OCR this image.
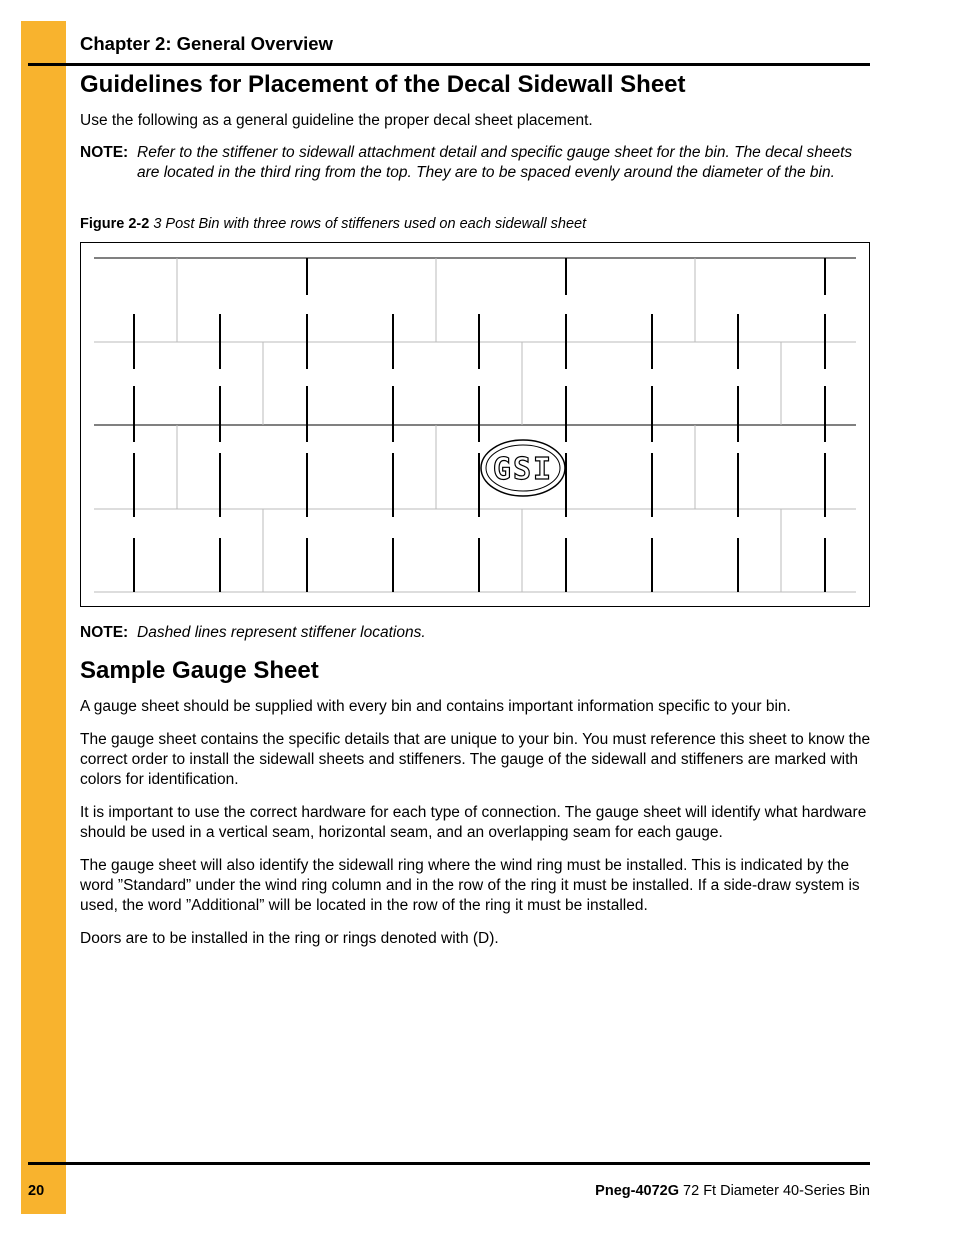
Chapter 2: General Overview
Guidelines for Placement of the Decal Sidewall Sheet

Use the following as a general guideline the proper decal sheet placement.

NOTE: Refer to the stiffener to sidewall attachment detail and specific gauge sheet for the bin. The decal sheets are located in the third ring from the top. They are to be spaced evenly around the diameter of the bin.
Figure 2-2 3 Post Bin with three rows of stiffeners used on each sidewall sheet
GSI
NOTE: Dashed lines represent stiffener locations.
Sample Gauge Sheet

A gauge sheet should be supplied with every bin and contains important information specific to your bin.

The gauge sheet contains the specific details that are unique to your bin. You must reference this sheet to know the correct order to install the sidewall sheets and stiffeners. The gauge of the sidewall and stiffeners are marked with colors for identification.

It is important to use the correct hardware for each type of connection. The gauge sheet will identify what hardware should be used in a vertical seam, horizontal seam, and an overlapping seam for each gauge.

The gauge sheet will also identify the sidewall ring where the wind ring must be installed. This is indicated by the word ”Standard” under the wind ring column and in the row of the ring it must be installed. If a side-draw system is used, the word ”Additional” will be located in the row of the ring it must be installed.

Doors are to be installed in the ring or rings denoted with (D).

20	Pneg-4072G 72 Ft Diameter 40-Series Bin
